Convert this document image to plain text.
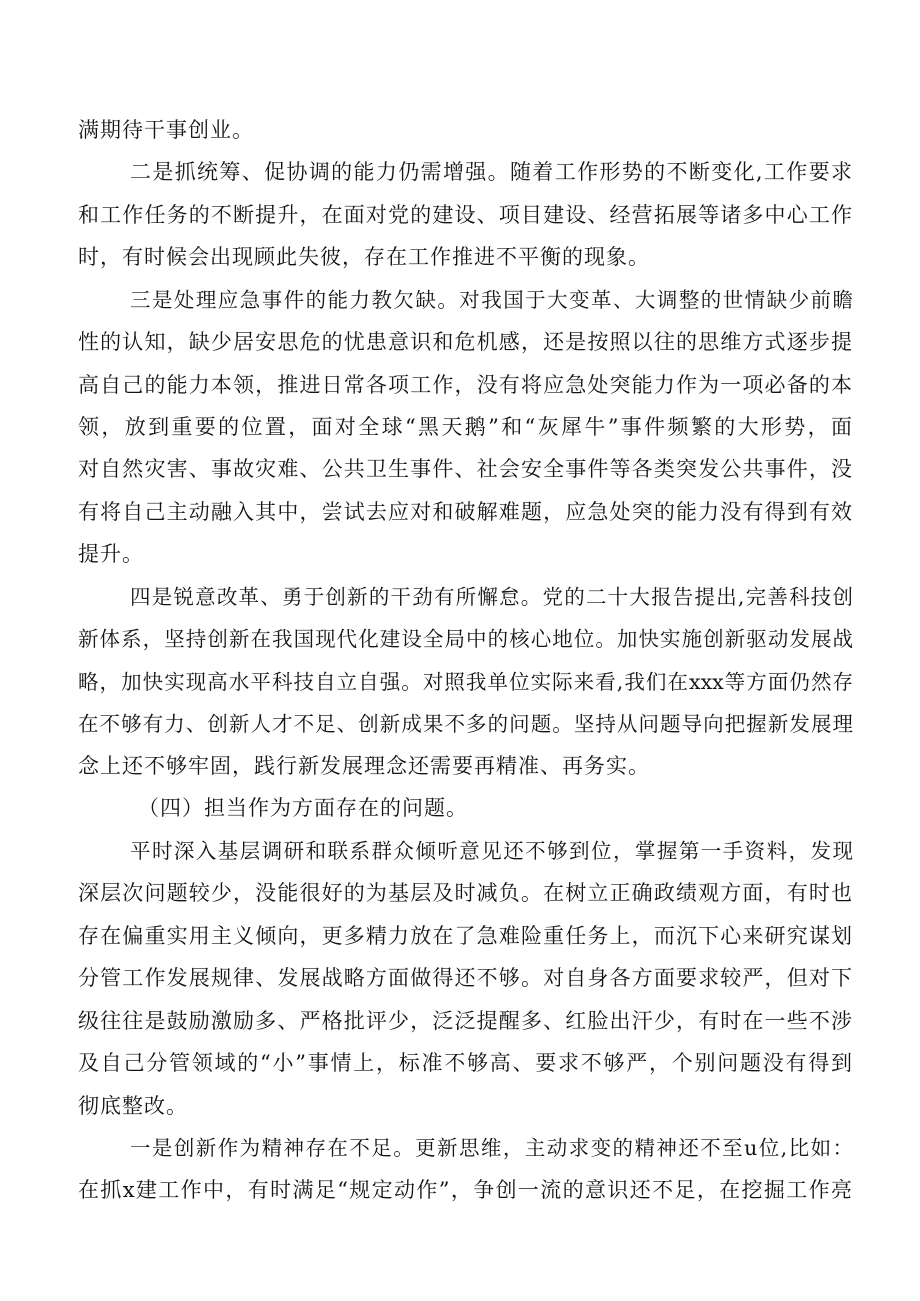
满期待干事创业。
二是抓统筹、促协调的能力仍需增强。随着工作形势的不断变化,工作要求
和工作任务的不断提升，在面对党的建设、项目建设、经营拓展等诸多中心工作
时，有时候会出现顾此失彼，存在工作推进不平衡的现象。
三是处理应急事件的能力教欠缺。对我国于大变革、大调整的世情缺少前瞻
性的认知，缺少居安思危的忧患意识和危机感，还是按照以往的思维方式逐步提
高自己的能力本领，推进日常各项工作，没有将应急处突能力作为一项必备的本
领，放到重要的位置，面对全球“黑天鹅”和“灰犀牛”事件频繁的大形势，面
对自然灾害、事故灾难、公共卫生事件、社会安全事件等各类突发公共事件，没
有将自己主动融入其中，尝试去应对和破解难题，应急处突的能力没有得到有效
提升。
四是锐意改革、勇于创新的干劲有所懈怠。党的二十大报告提出,完善科技创
新体系，坚持创新在我国现代化建设全局中的核心地位。加快实施创新驱动发展战
略，加快实现高水平科技自立自强。对照我单位实际来看,我们在xxx等方面仍然存
在不够有力、创新人才不足、创新成果不多的问题。坚持从问题导向把握新发展理
念上还不够牢固，践行新发展理念还需要再精准、再务实。
（四）担当作为方面存在的问题。
平时深入基层调研和联系群众倾听意见还不够到位，掌握第一手资料，发现
深层次问题较少，没能很好的为基层及时减负。在树立正确政绩观方面，有时也
存在偏重实用主义倾向，更多精力放在了急难险重任务上，而沉下心来研究谋划
分管工作发展规律、发展战略方面做得还不够。对自身各方面要求较严，但对下
级往往是鼓励激励多、严格批评少，泛泛提醒多、红脸出汗少，有时在一些不涉
及自己分管领域的“小”事情上，标准不够高、要求不够严，个别问题没有得到
彻底整改。
一是创新作为精神存在不足。更新思维，主动求变的精神还不至u位,比如：
在抓x建工作中，有时满足“规定动作”，争创一流的意识还不足，在挖掘工作亮
